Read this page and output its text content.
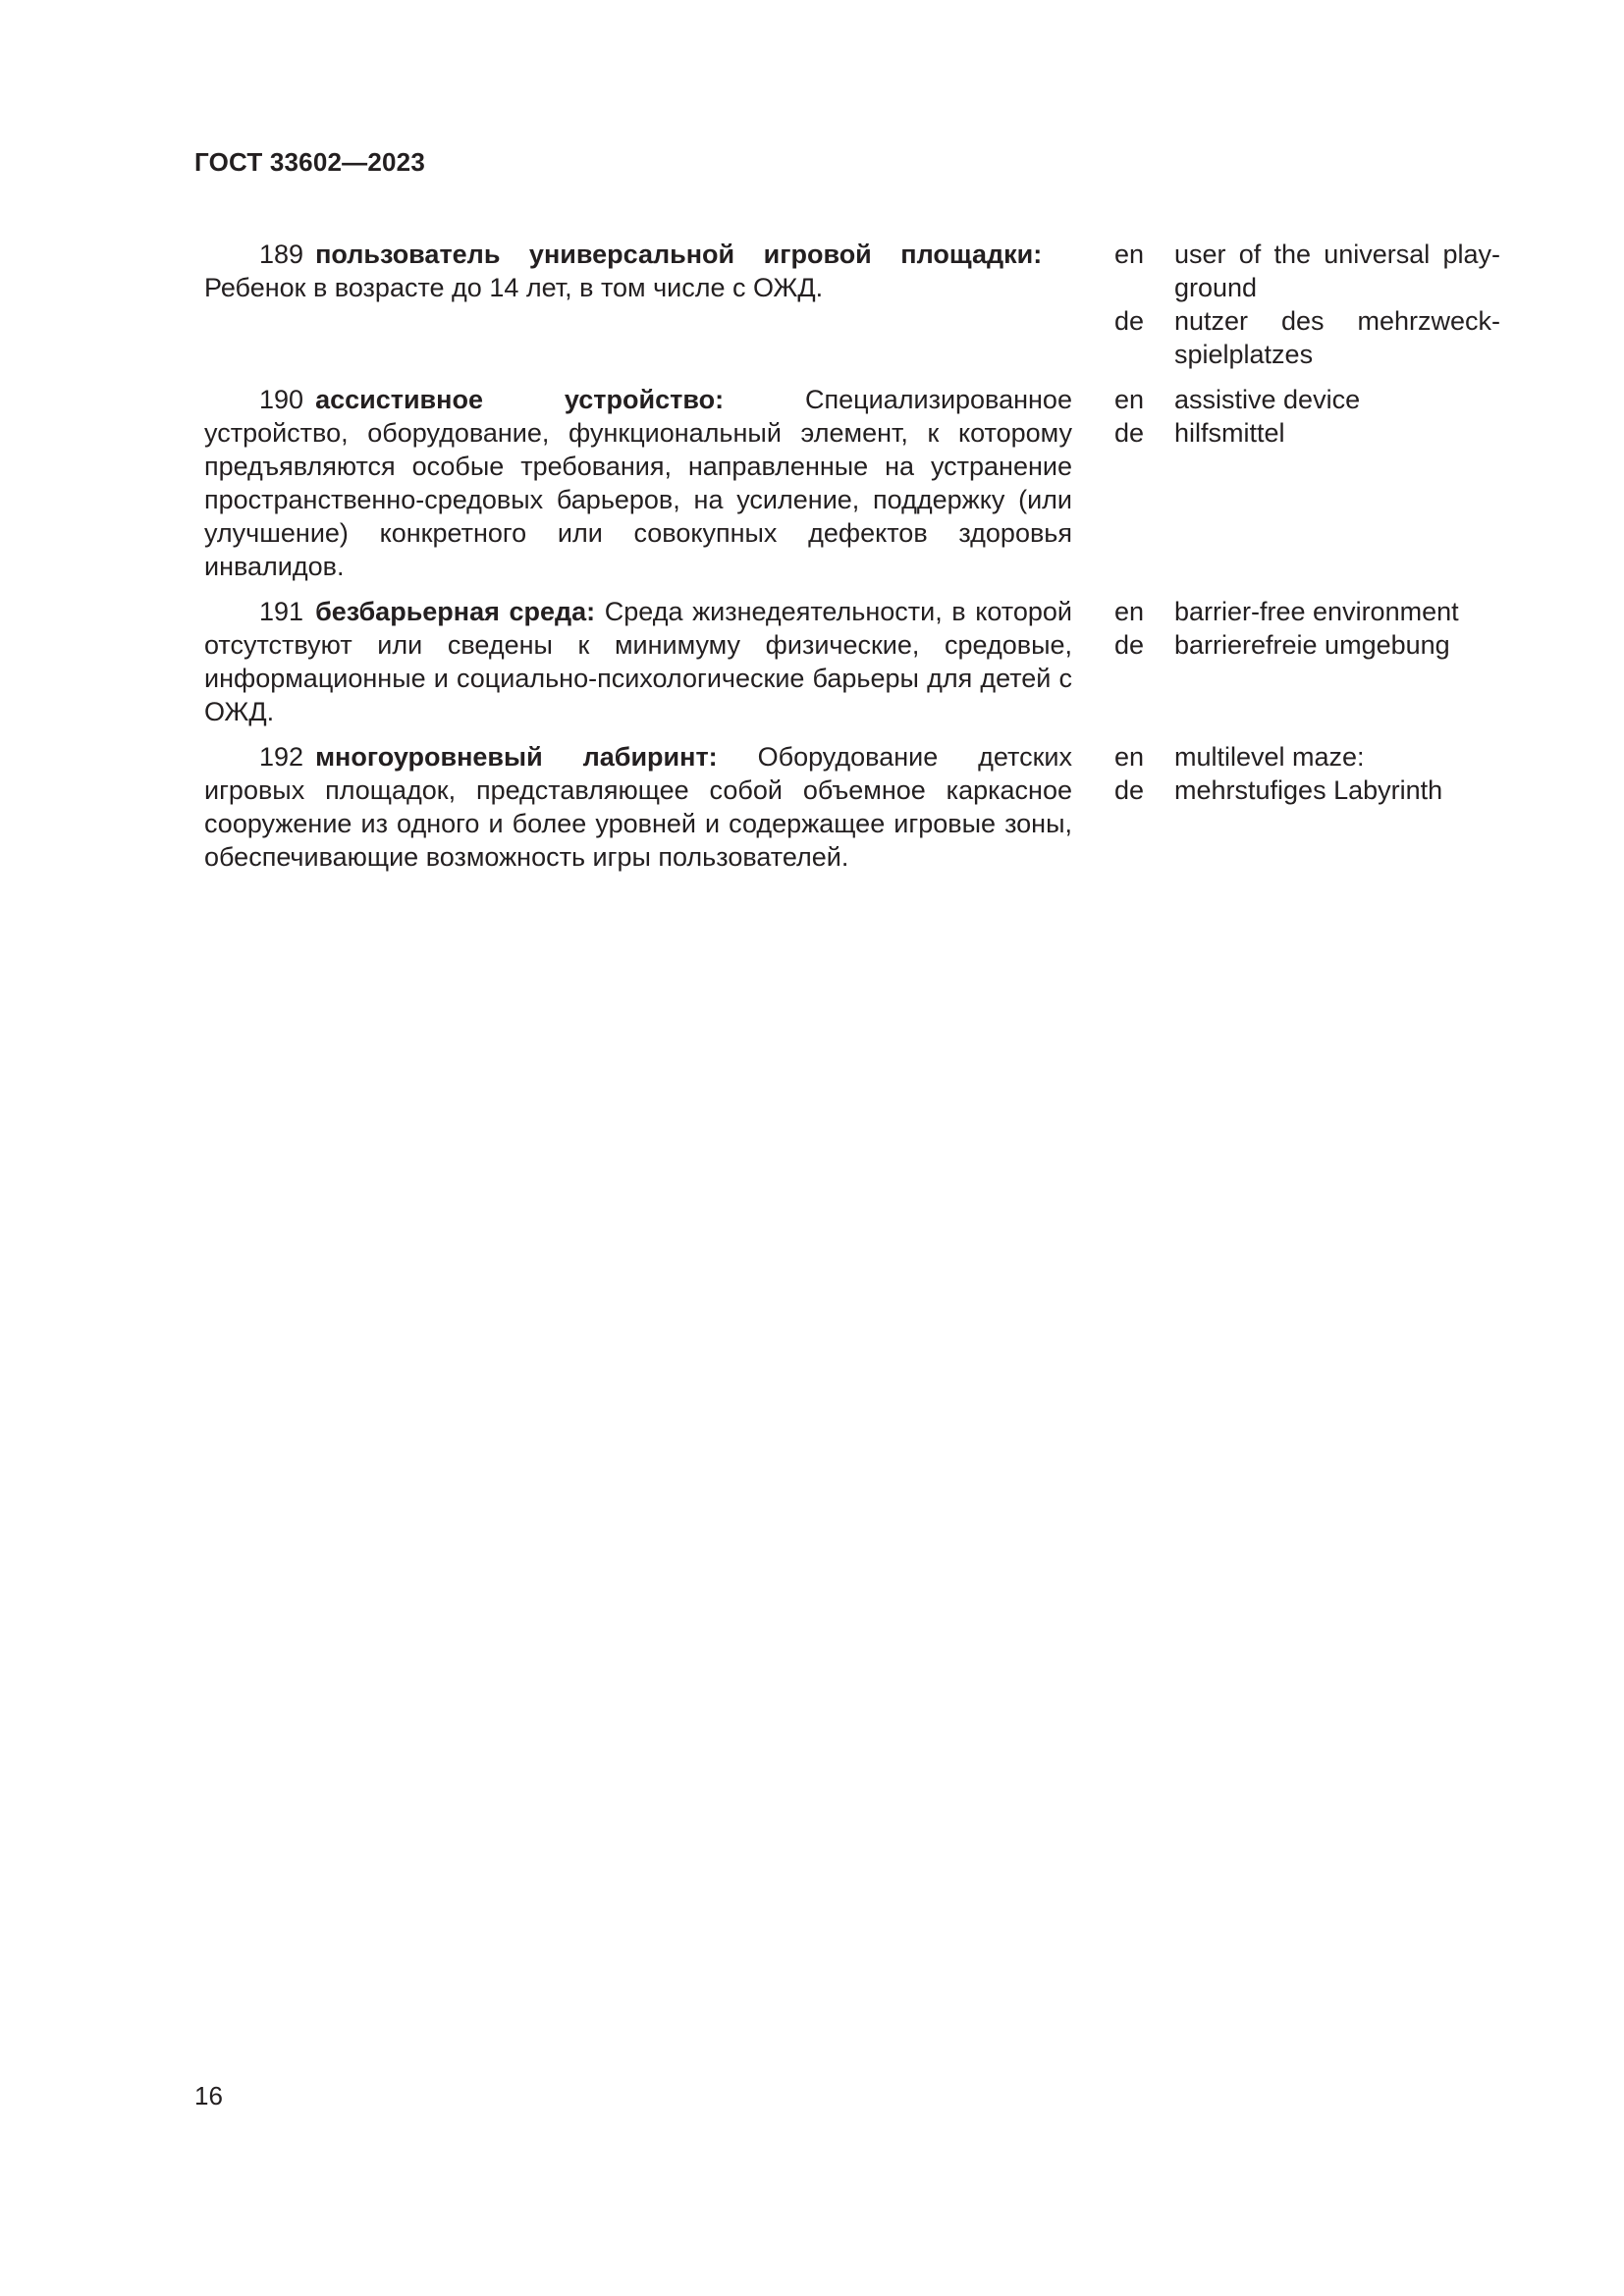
ГОСТ 33602—2023
189 пользователь универсальной игровой площадки:
Ребенок в возрасте до 14 лет, в том числе с ОЖД.
en
de
user of the universal play-
ground
nutzer des mehrzweck-
spielplatzes
190 ассистивное устройство:	Специализированное устройство, оборудование, функциональный элемент, к которому предъявляются особые требования, направленные на устранение пространственно-средовых барьеров, на усиление, поддержку (или улучшение) конкретного или совокупных дефектов здоровья инвалидов.
en
de
assistive device
hilfsmittel
191 безбарьерная среда: Среда жизнедеятельности, в которой отсутствуют или сведены к минимуму физические, средовые, информационные и социально-психологические барьеры для детей с ОЖД.
en
de
barrier-free environment
barrierefreie umgebung
192 многоуровневый лабиринт: Оборудование детских игровых площадок, представляющее собой объемное каркасное сооружение из одного и более уровней и содержащее игровые зоны, обеспечивающие возможность игры пользователей.
en
de
multilevel maze:
mehrstufiges Labyrinth
16
